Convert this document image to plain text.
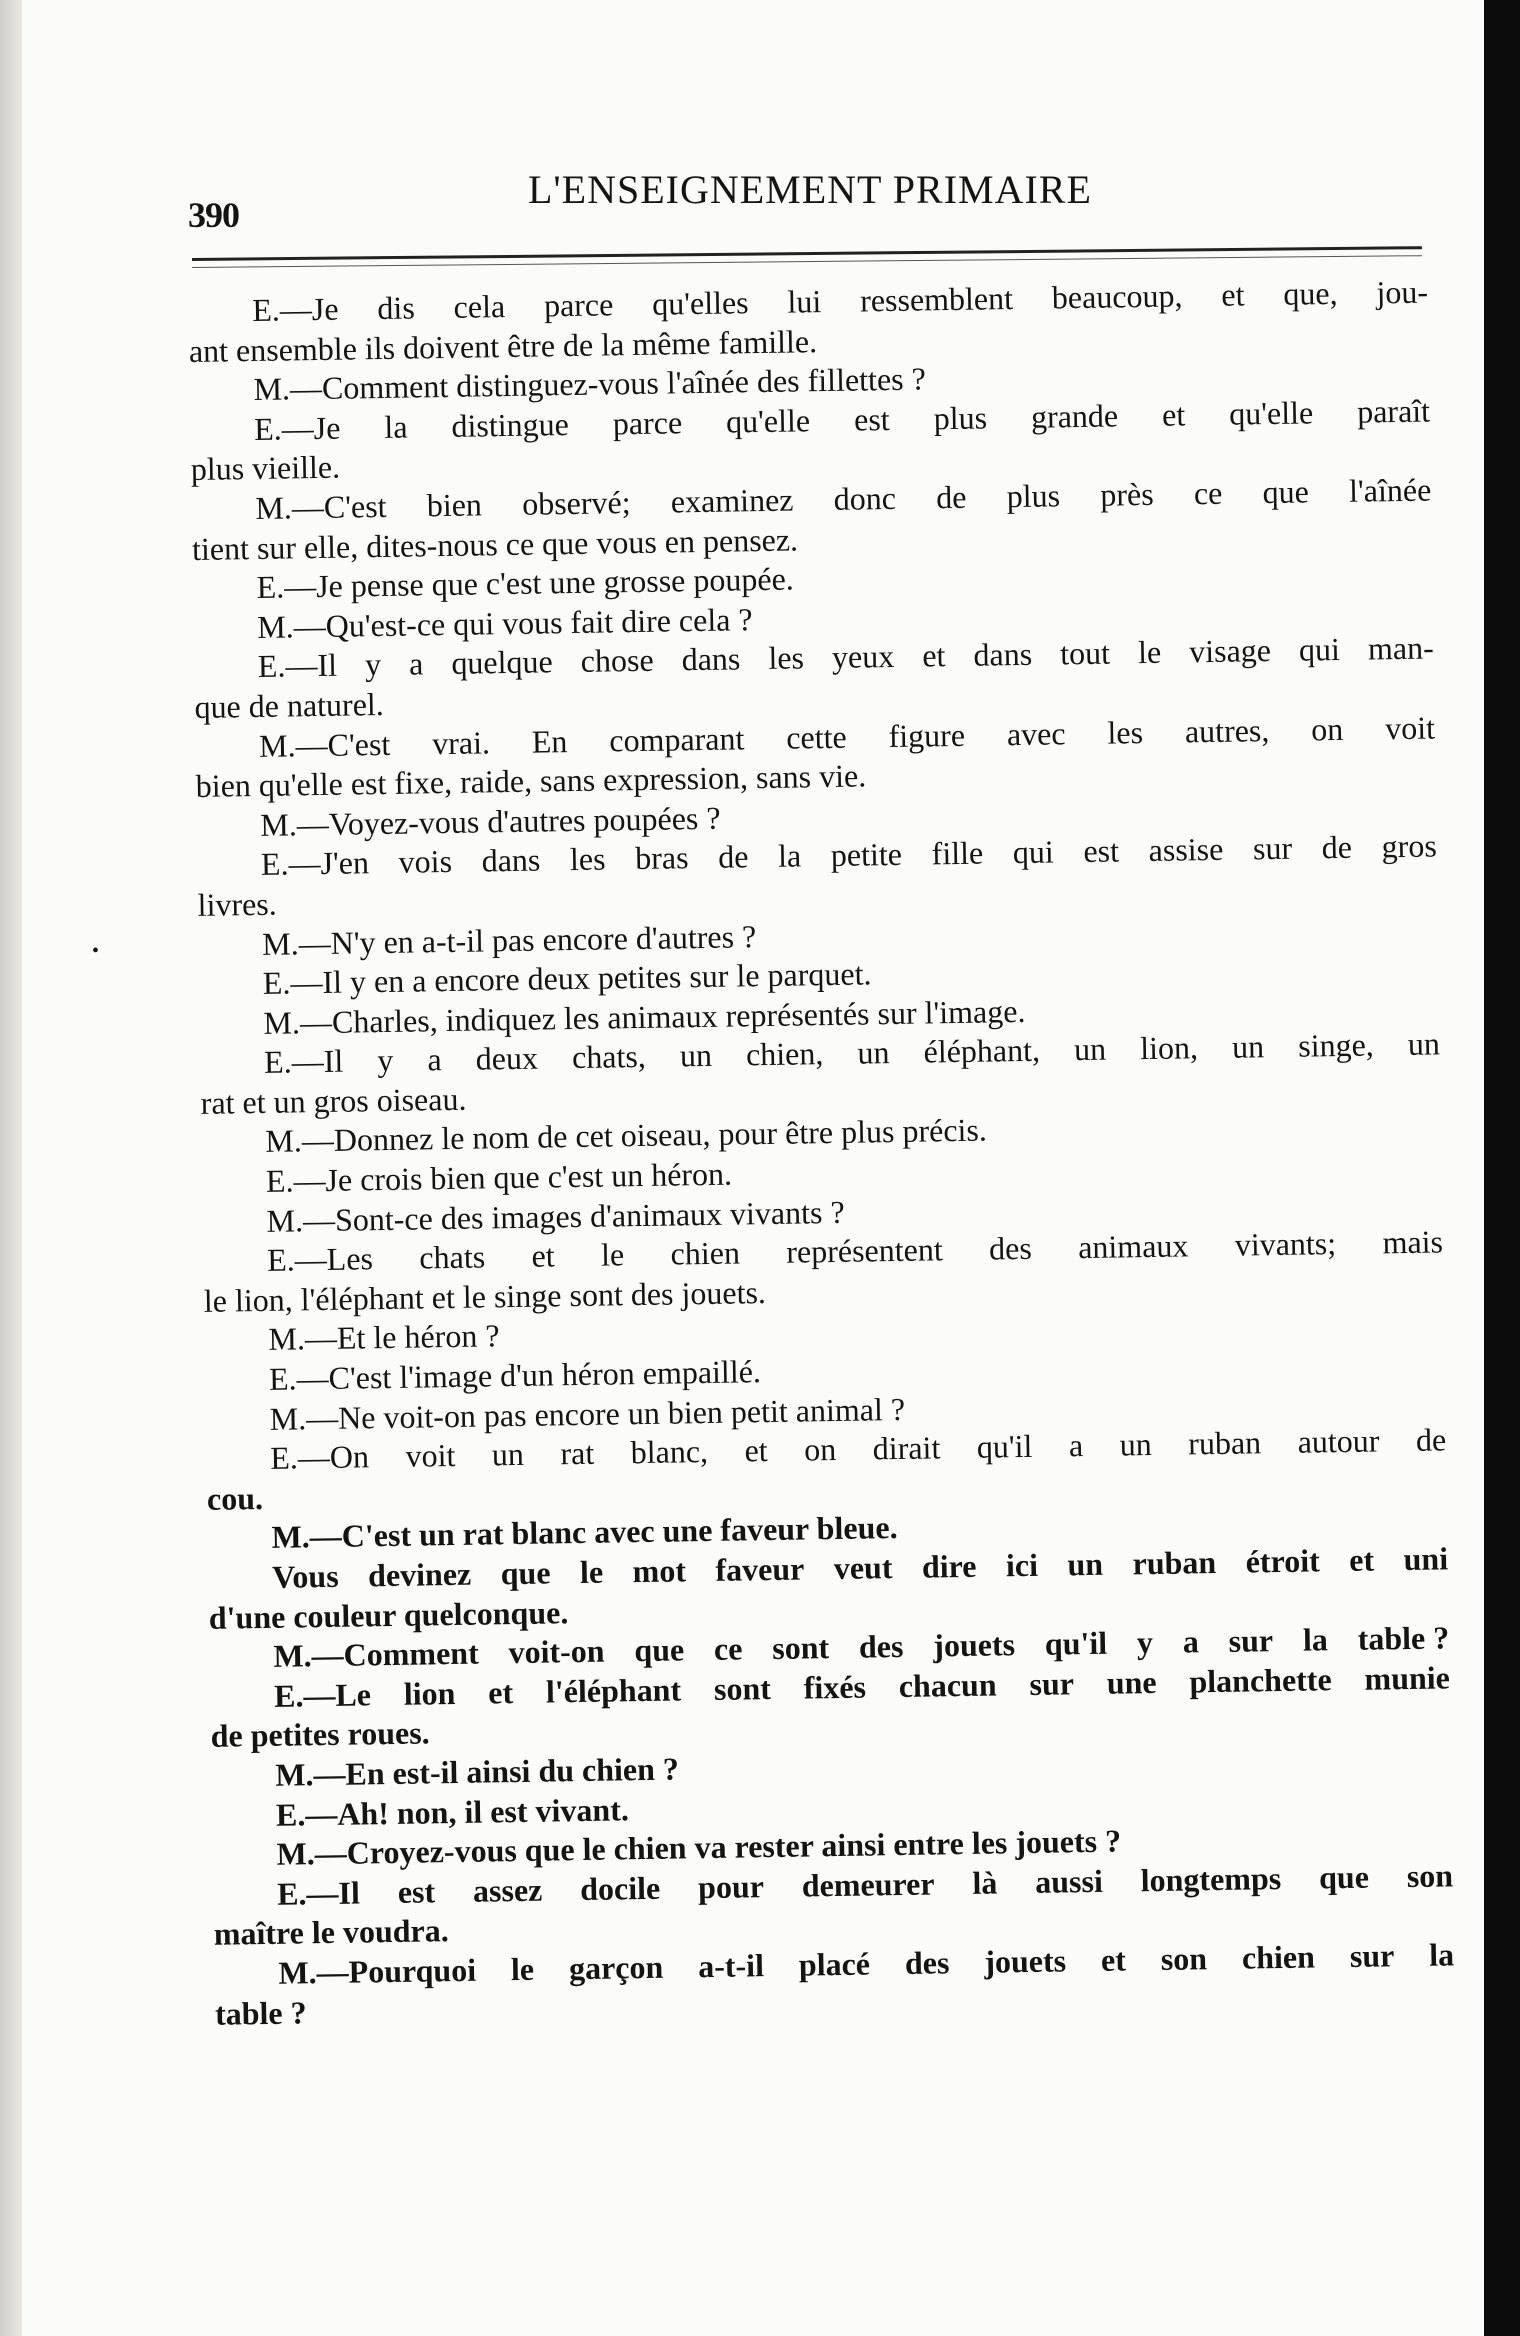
390
L'ENSEIGNEMENT PRIMAIRE
•
E.—Je dis cela parce qu'elles lui ressemblent beaucoup, et que, jou-
ant ensemble ils doivent être de la même famille.
M.—Comment distinguez-vous l'aînée des fillettes ?
E.—Je la distingue parce qu'elle est plus grande et qu'elle paraît
plus vieille.
M.—C'est bien observé; examinez donc de plus près ce que l'aînée
tient sur elle, dites-nous ce que vous en pensez.
E.—Je pense que c'est une grosse poupée.
M.—Qu'est-ce qui vous fait dire cela ?
E.—Il y a quelque chose dans les yeux et dans tout le visage qui man-
que de naturel.
M.—C'est vrai. En comparant cette figure avec les autres, on voit
bien qu'elle est fixe, raide, sans expression, sans vie.
M.—Voyez-vous d'autres poupées ?
E.—J'en vois dans les bras de la petite fille qui est assise sur de gros
livres.
M.—N'y en a-t-il pas encore d'autres ?
E.—Il y en a encore deux petites sur le parquet.
M.—Charles, indiquez les animaux représentés sur l'image.
E.—Il y a deux chats, un chien, un éléphant, un lion, un singe, un
rat et un gros oiseau.
M.—Donnez le nom de cet oiseau, pour être plus précis.
E.—Je crois bien que c'est un héron.
M.—Sont-ce des images d'animaux vivants ?
E.—Les chats et le chien représentent des animaux vivants; mais
le lion, l'éléphant et le singe sont des jouets.
M.—Et le héron ?
E.—C'est l'image d'un héron empaillé.
M.—Ne voit-on pas encore un bien petit animal ?
E.—On voit un rat blanc, et on dirait qu'il a un ruban autour de
cou.
M.—C'est un rat blanc avec une faveur bleue.
Vous devinez que le mot faveur veut dire ici un ruban étroit et uni
d'une couleur quelconque.
M.—Comment voit-on que ce sont des jouets qu'il y a sur la table ?
E.—Le lion et l'éléphant sont fixés chacun sur une planchette munie
de petites roues.
M.—En est-il ainsi du chien ?
E.—Ah! non, il est vivant.
M.—Croyez-vous que le chien va rester ainsi entre les jouets ?
E.—Il est assez docile pour demeurer là aussi longtemps que son
maître le voudra.
M.—Pourquoi le garçon a-t-il placé des jouets et son chien sur la
table ?
